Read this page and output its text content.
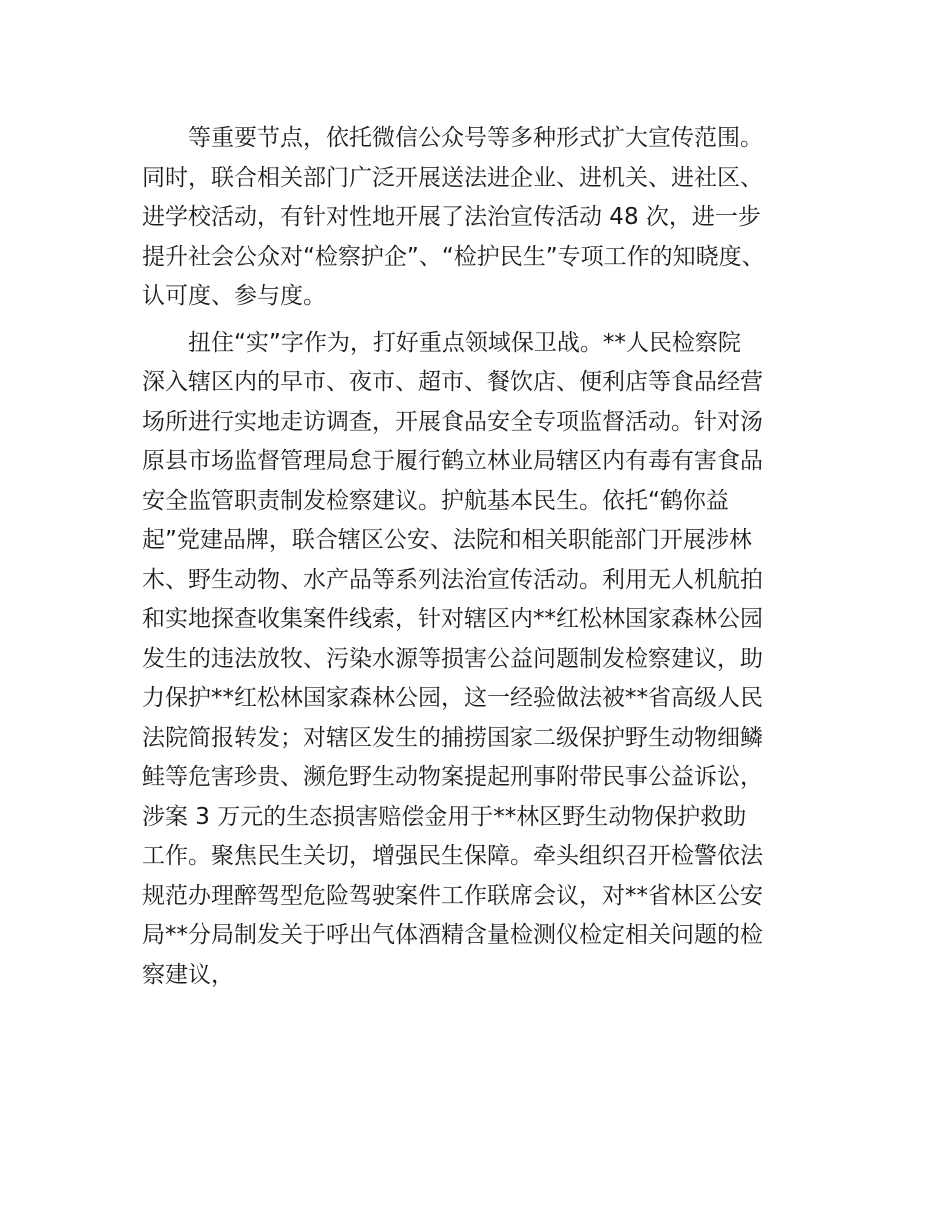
等重要节点，依托微信公众号等多种形式扩大宣传范围。
同时，联合相关部门广泛开展送法进企业、进机关、进社区、
进学校活动，有针对性地开展了法治宣传活动 48 次，进一步
提升社会公众对“检察护企”、“检护民生”专项工作的知晓度、
认可度、参与度。
扭住“实”字作为，打好重点领域保卫战。**人民检察院
深入辖区内的早市、夜市、超市、餐饮店、便利店等食品经营
场所进行实地走访调查，开展食品安全专项监督活动。针对汤
原县市场监督管理局怠于履行鹤立林业局辖区内有毒有害食品
安全监管职责制发检察建议。护航基本民生。依托“鹤你益
起”党建品牌，联合辖区公安、法院和相关职能部门开展涉林
木、野生动物、水产品等系列法治宣传活动。利用无人机航拍
和实地探查收集案件线索，针对辖区内**红松林国家森林公园
发生的违法放牧、污染水源等损害公益问题制发检察建议，助
力保护**红松林国家森林公园，这一经验做法被**省高级人民
法院简报转发；对辖区发生的捕捞国家二级保护野生动物细鳞
鲑等危害珍贵、濒危野生动物案提起刑事附带民事公益诉讼，
涉案 3 万元的生态损害赔偿金用于**林区野生动物保护救助
工作。聚焦民生关切，增强民生保障。牵头组织召开检警依法
规范办理醉驾型危险驾驶案件工作联席会议，对**省林区公安
局**分局制发关于呼出气体酒精含量检测仪检定相关问题的检
察建议，
